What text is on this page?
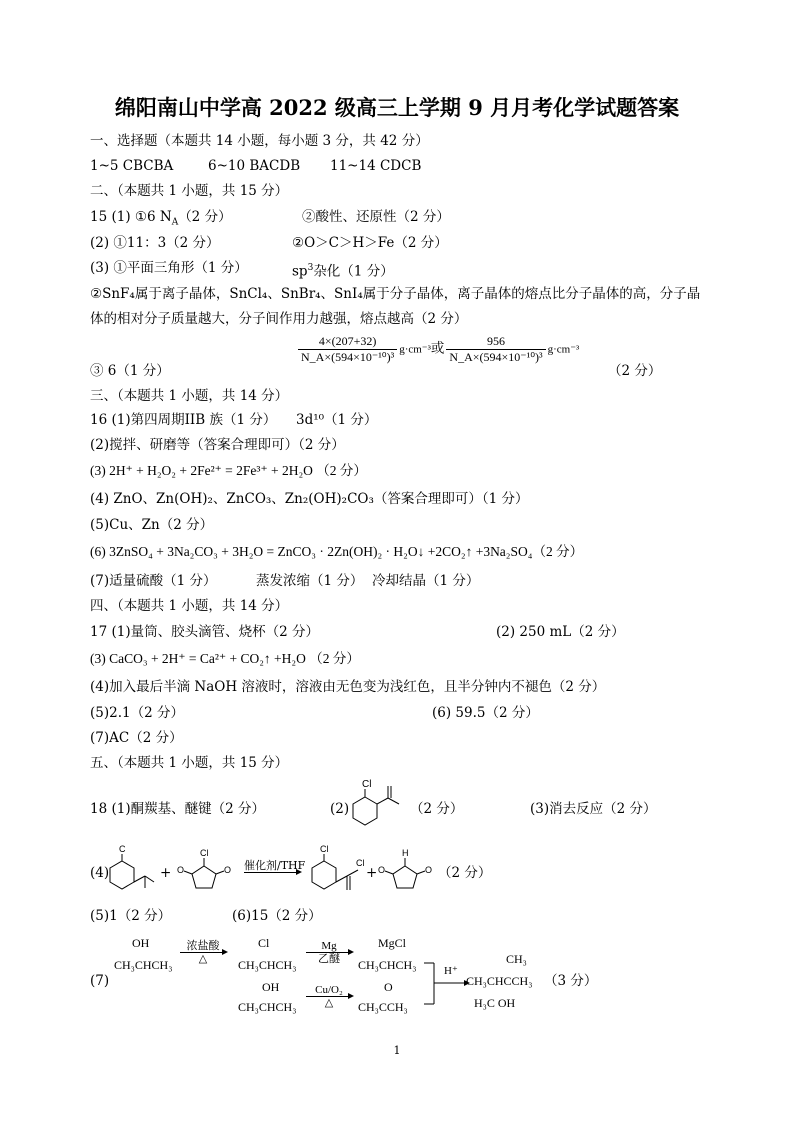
绵阳南山中学高 2022 级高三上学期 9 月月考化学试题答案
一、选择题（本题共 14 小题，每小题 3 分，共 42 分）
1~5 CBCBA	6~10 BACDB 11~14 CDCB
二、（本题共 1 小题，共 15 分）
15 (1) ①6 $N_A(2$ 分）	②酸性、还原性（2 分）
(2) ①11：3（2 分）	②O＞C＞H＞Fe（2 分）
(3) ①平面三角形（1 分）	$sp^3$杂化（1 分）
②SnF₄属于离子晶体，SnCl₄、SnBr₄、SnI₄属于分子晶体，离子晶体的熔点比分子晶体的高，分子晶
体的相对分子质量越大，分子间作用力越强，熔点越高（2 分）
③ 6（1 分）
$\frac{4\times(207+32)}{\text{N\_A×(594×10⁻¹⁰)³}} g\cdot cm^{-3}$或 $\frac{956}{\text{N\_A×(594×10⁻¹⁰)³}} g\cdot cm^{-3}$
（2 分）
三、（本题共 1 小题，共 14 分）
16 (1)第四周期IIB 族（1 分） 3d¹⁰（1 分）
(2)搅拌、研磨等（答案合理即可）（2 分）
(3) 2H⁺ + H₂O₂ + 2Fe²⁺ = 2Fe³⁺ + 2H₂O （2 分）
(4) ZnO、Zn(OH)₂、ZnCO₃、Zn₂(OH)₂CO₃（答案合理即可）（1 分）
(5)Cu、Zn（2 分）
(6) 3ZnSO₄ + 3Na₂CO₃ + 3H₂O = ZnCO₃ · 2Zn(OH)₂ · H₂O↓ +2CO₂↑ +3Na₂SO₄（2 分）
(7)适量硫酸（1 分）	蒸发浓缩（1 分） 冷却结晶（1 分）
四、（本题共 1 小题，共 14 分）
17 (1)量筒、胶头滴管、烧杯（2 分）	(2) 250 mL（2 分）
(3) CaCO₃ + 2H⁺ = Ca²⁺ + CO₂↑ +H₂O （2 分）
(4)加入最后半滴 NaOH 溶液时，溶液由无色变为浅红色，且半分钟内不褪色（2 分）
(5)2.1（2 分）	(6) 59.5（2 分）
(7)AC（2 分）
五、（本题共 1 小题，共 15 分）
18 (1)酮羰基、醚键（2 分）	(2)
Cl
（2 分）	(3)消去反应（2 分）
(4)
C
+
Cl
O	O 催化剂/THF
Cl
Cl
+
H
O	O （2 分）
(5)1（2 分）	(6)15（2 分）
(7)
OH
CH₃CHCH₃
浓盐酸
△
Cl
CH₃CHCH₃
Mg
乙醚
MgCl
CH₃CHCH₃
OH
CH₃CHCH₃
Cu/O₂
△
O
CH₃CCH₃
H⁺
CH₃
CH₃CHCCH₃
H₃C OH
（3 分）
1
